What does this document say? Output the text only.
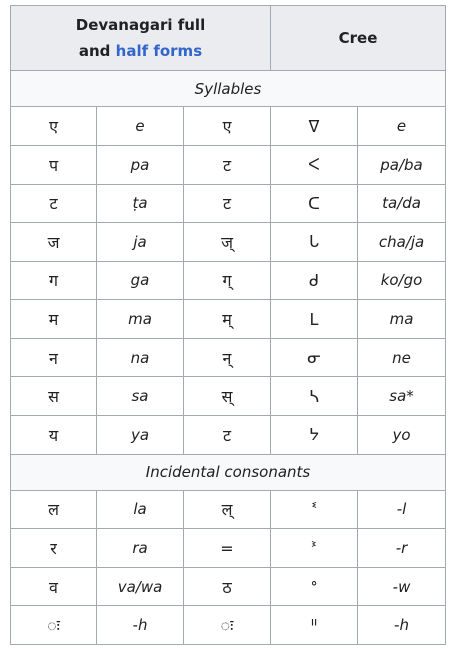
Devanagari full
and half forms			Cree	
Syllables				
ए	e	ए	ᐁ	e
प	pa	ट	ᐸ	pa/ba
ट	ṭa	ट	ᑕ	ta/da
ज	ja	ज्	ᒐ	cha/ja
ग	ga	ग्	ᑯ	ko/go
म	ma	म्	ᒪ	ma
न	na	न्	ᓂ	ne
स	sa	स्	ᓴ	sa*
य	ya	ट	ᔭ	yo
Incidental consonants				
ल	la	ल्	ᓫ	-l
र	ra	=	ᕑ	-r
व	va/wa	ठ	ᐤ	-w
ः	-h	ः	ᐦ	-h
